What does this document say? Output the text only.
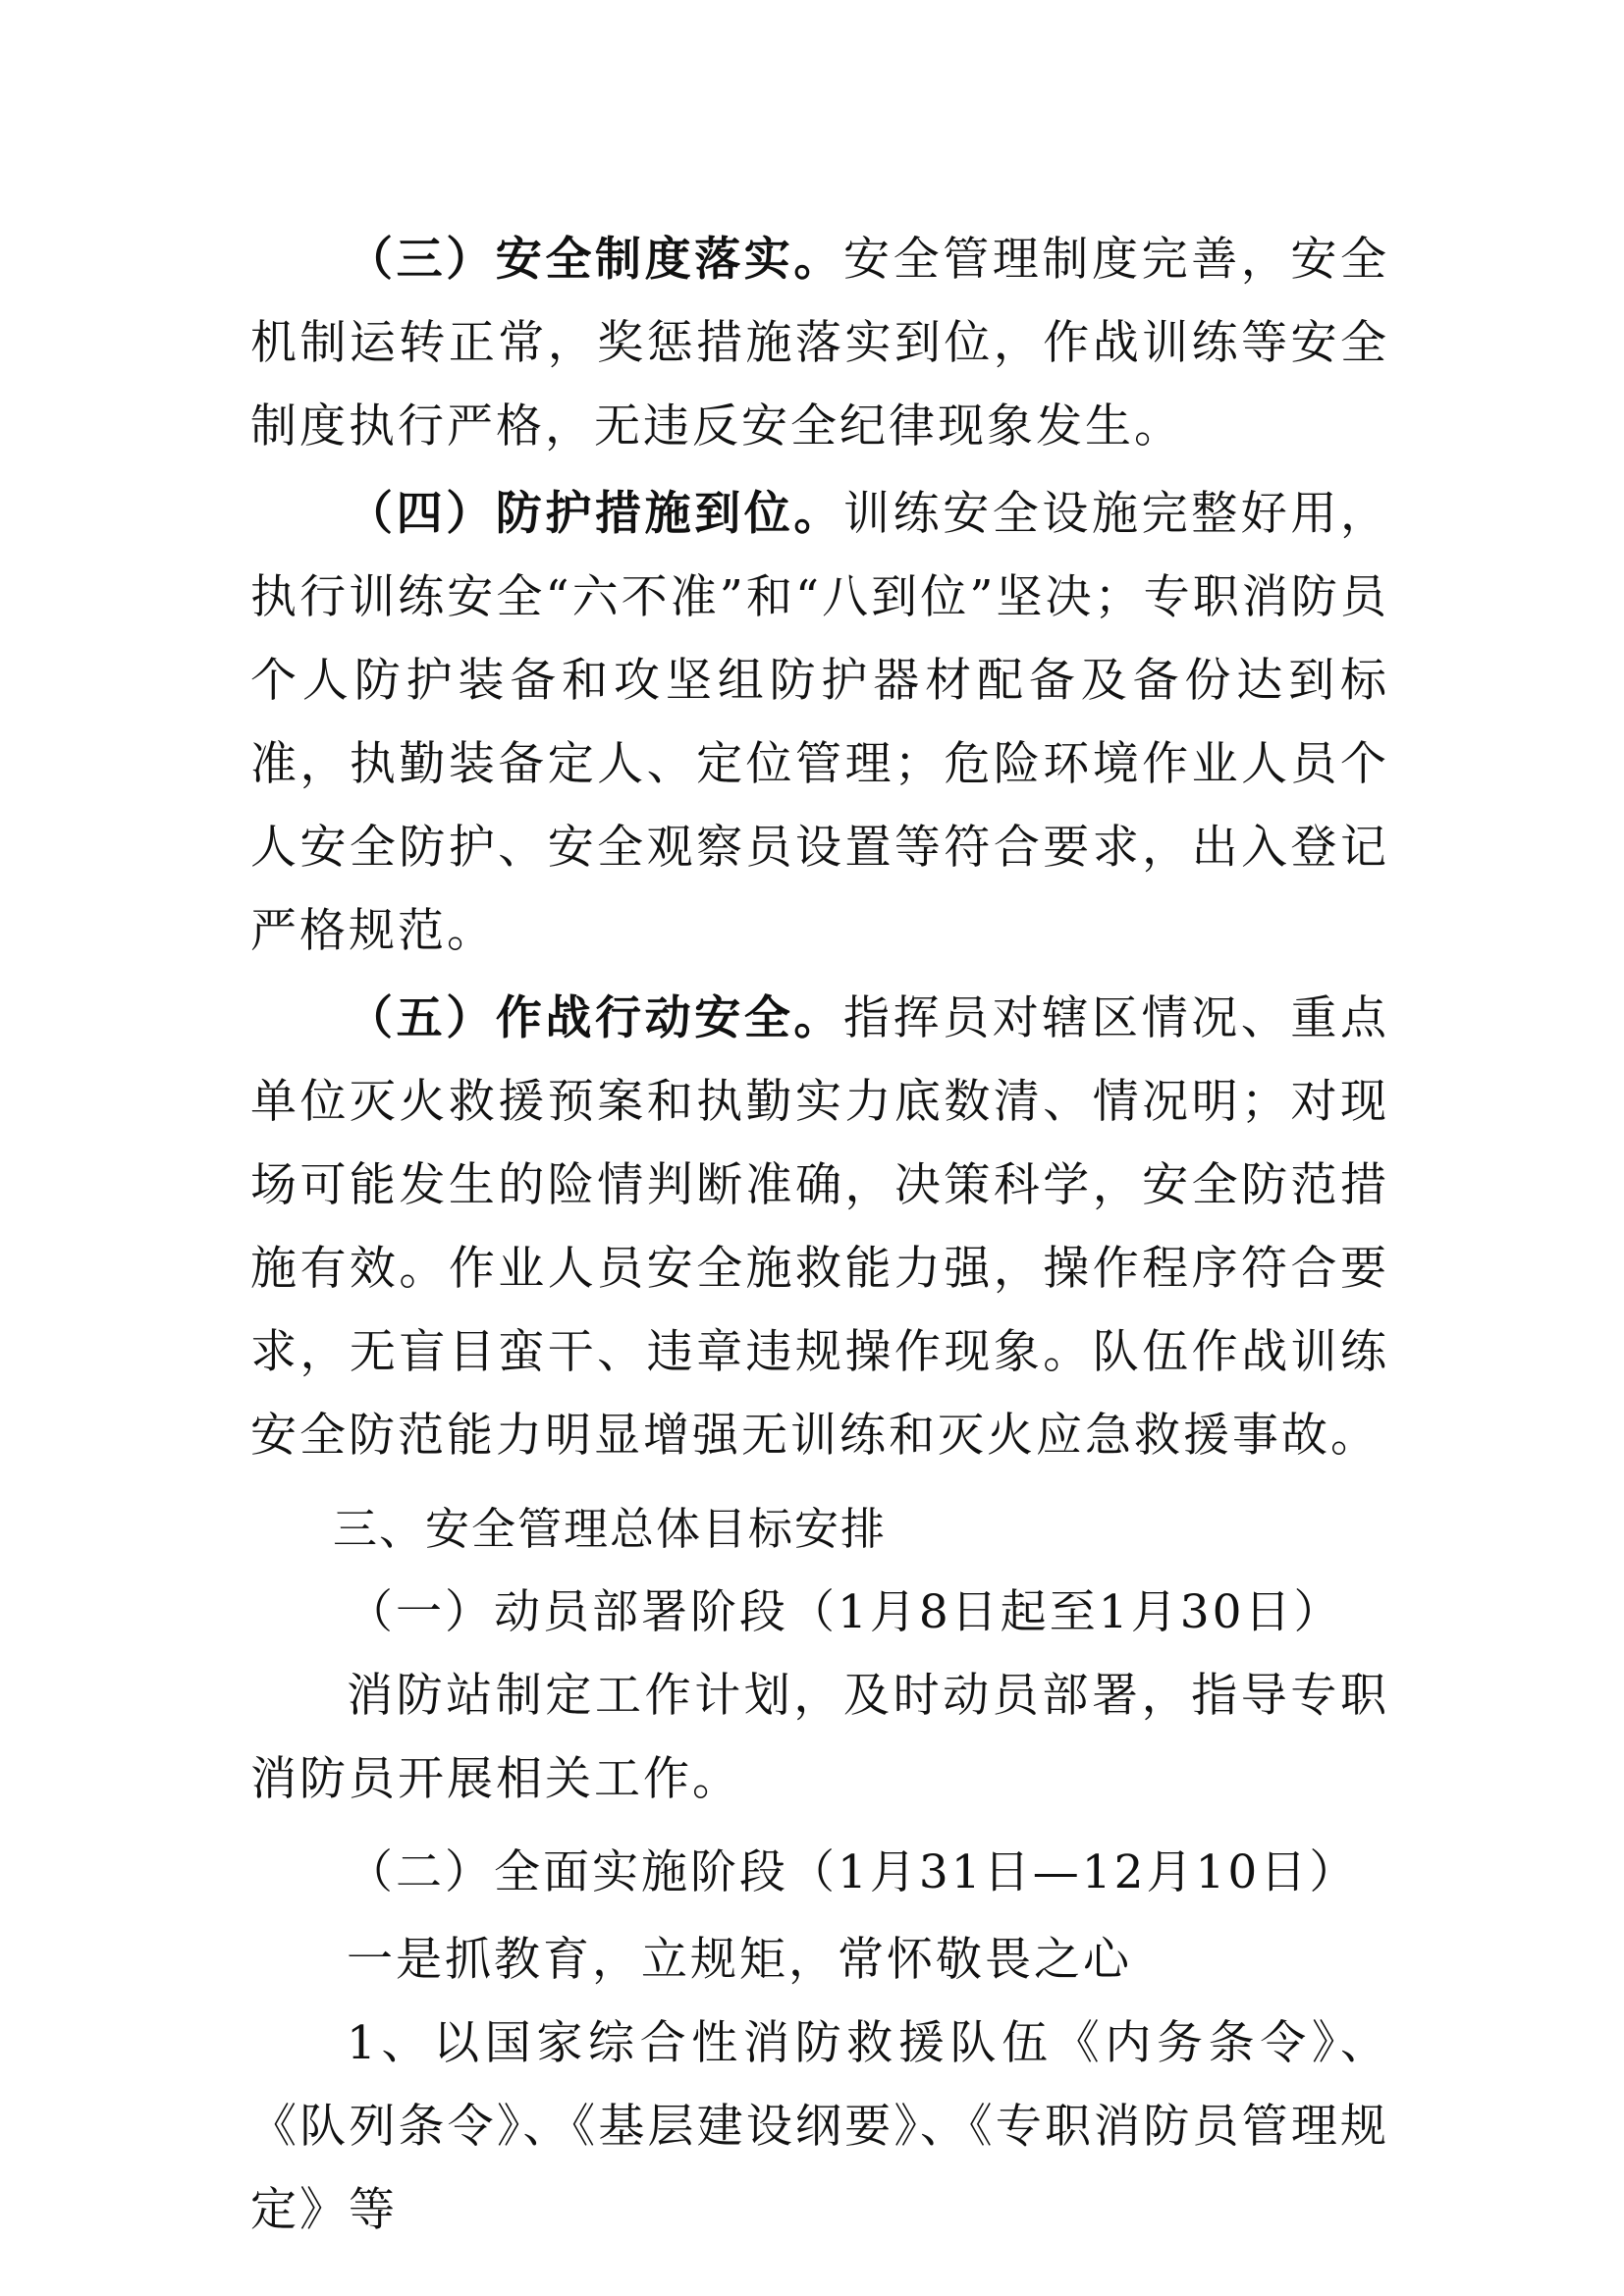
（三）安全制度落实。安全管理制度完善，安全机制运转正常，奖惩措施落实到位，作战训练等安全制度执行严格，无违反安全纪律现象发生。

（四）防护措施到位。训练安全设施完整好用，执行训练安全“六不准”和“八到位”坚决；专职消防员个人防护装备和攻坚组防护器材配备及备份达到标准，执勤装备定人、定位管理；危险环境作业人员个人安全防护、安全观察员设置等符合要求，出入登记严格规范。

（五）作战行动安全。指挥员对辖区情况、重点单位灭火救援预案和执勤实力底数清、情况明；对现场可能发生的险情判断准确，决策科学，安全防范措施有效。作业人员安全施救能力强，操作程序符合要求，无盲目蛮干、违章违规操作现象。队伍作战训练安全防范能力明显增强无训练和灭火应急救援事故。

三、安全管理总体目标安排

（一）动员部署阶段（1月8日起至1月30日）

消防站制定工作计划，及时动员部署，指导专职消防员开展相关工作。

（二）全面实施阶段（1月31日—12月10日）

一是抓教育，立规矩，常怀敬畏之心

1、以国家综合性消防救援队伍《内务条令》、《队列条令》、《基层建设纲要》、《专职消防员管理规定》等
